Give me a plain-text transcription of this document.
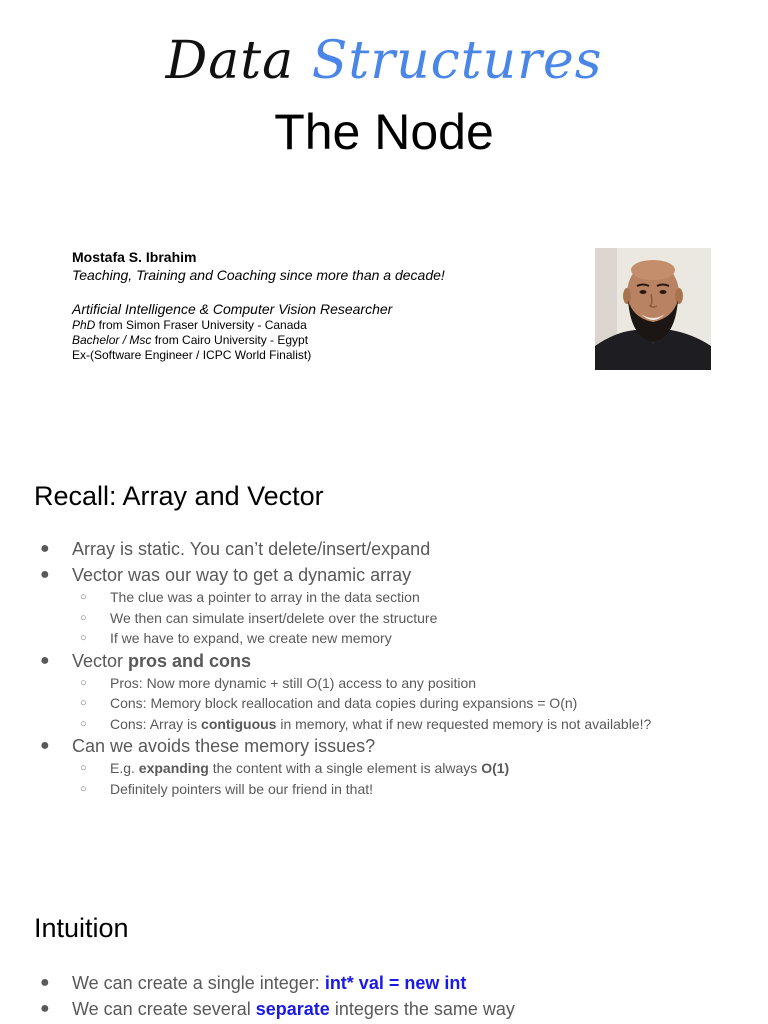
Data Structures
The Node

Mostafa S. Ibrahim

Teaching, Training and Coaching since more than a decade!

Artificial Intelligence & Computer Vision Researcher

PhD from Simon Fraser University - Canada

Bachelor / Msc from Cairo University - Egypt

Ex-(Software Engineer / ICPC World Finalist)

Recall: Array and Vector
● Array is static. You can’t delete/insert/expand
● Vector was our way to get a dynamic array
○ The clue was a pointer to array in the data section
○ We then can simulate insert/delete over the structure
○ If we have to expand, we create new memory
● Vector pros and cons
○ Pros: Now more dynamic + still O(1) access to any position
○ Cons: Memory block reallocation and data copies during expansions = O(n)
○ Cons: Array is contiguous in memory, what if new requested memory is not available!?
● Can we avoids these memory issues?
○ E.g. expanding the content with a single element is always O(1)
○ Definitely pointers will be our friend in that!
Intuition
● We can create a single integer: int* val = new int
● We can create several separate integers the same way
